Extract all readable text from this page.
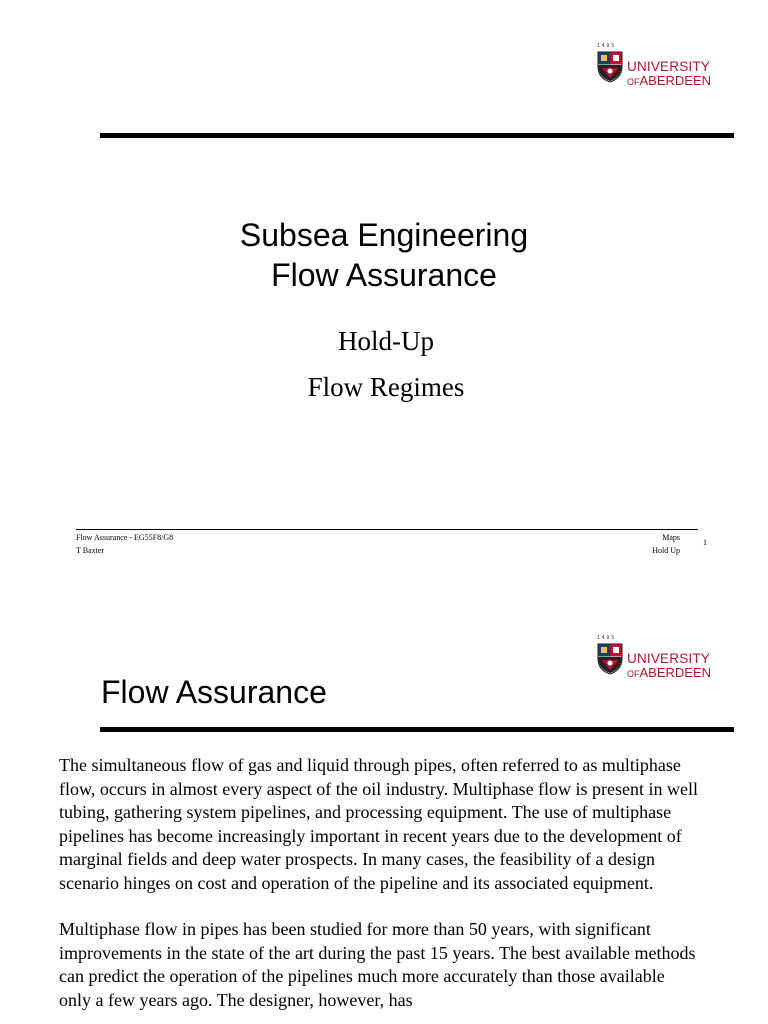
1495
UNIVERSITY
OFABERDEEN
Subsea Engineering
Flow Assurance
Hold-Up
Flow Regimes
Flow Assurance - EG55F8/G8
T Baxter
Maps
Hold Up
1
1495
UNIVERSITY
OFABERDEEN
Flow Assurance

The simultaneous flow of gas and liquid through pipes, often referred to as multiphase flow, occurs in almost every aspect of the oil industry. Multiphase flow is present in well tubing, gathering system pipelines, and processing equipment. The use of multiphase pipelines has become increasingly important in recent years due to the development of marginal fields and deep water prospects. In many cases, the feasibility of a design scenario hinges on cost and operation of the pipeline and its associated equipment.

Multiphase flow in pipes has been studied for more than 50 years, with significant improvements in the state of the art during the past 15 years. The best available methods can predict the operation of the pipelines much more accurately than those available only a few years ago. The designer, however, has
